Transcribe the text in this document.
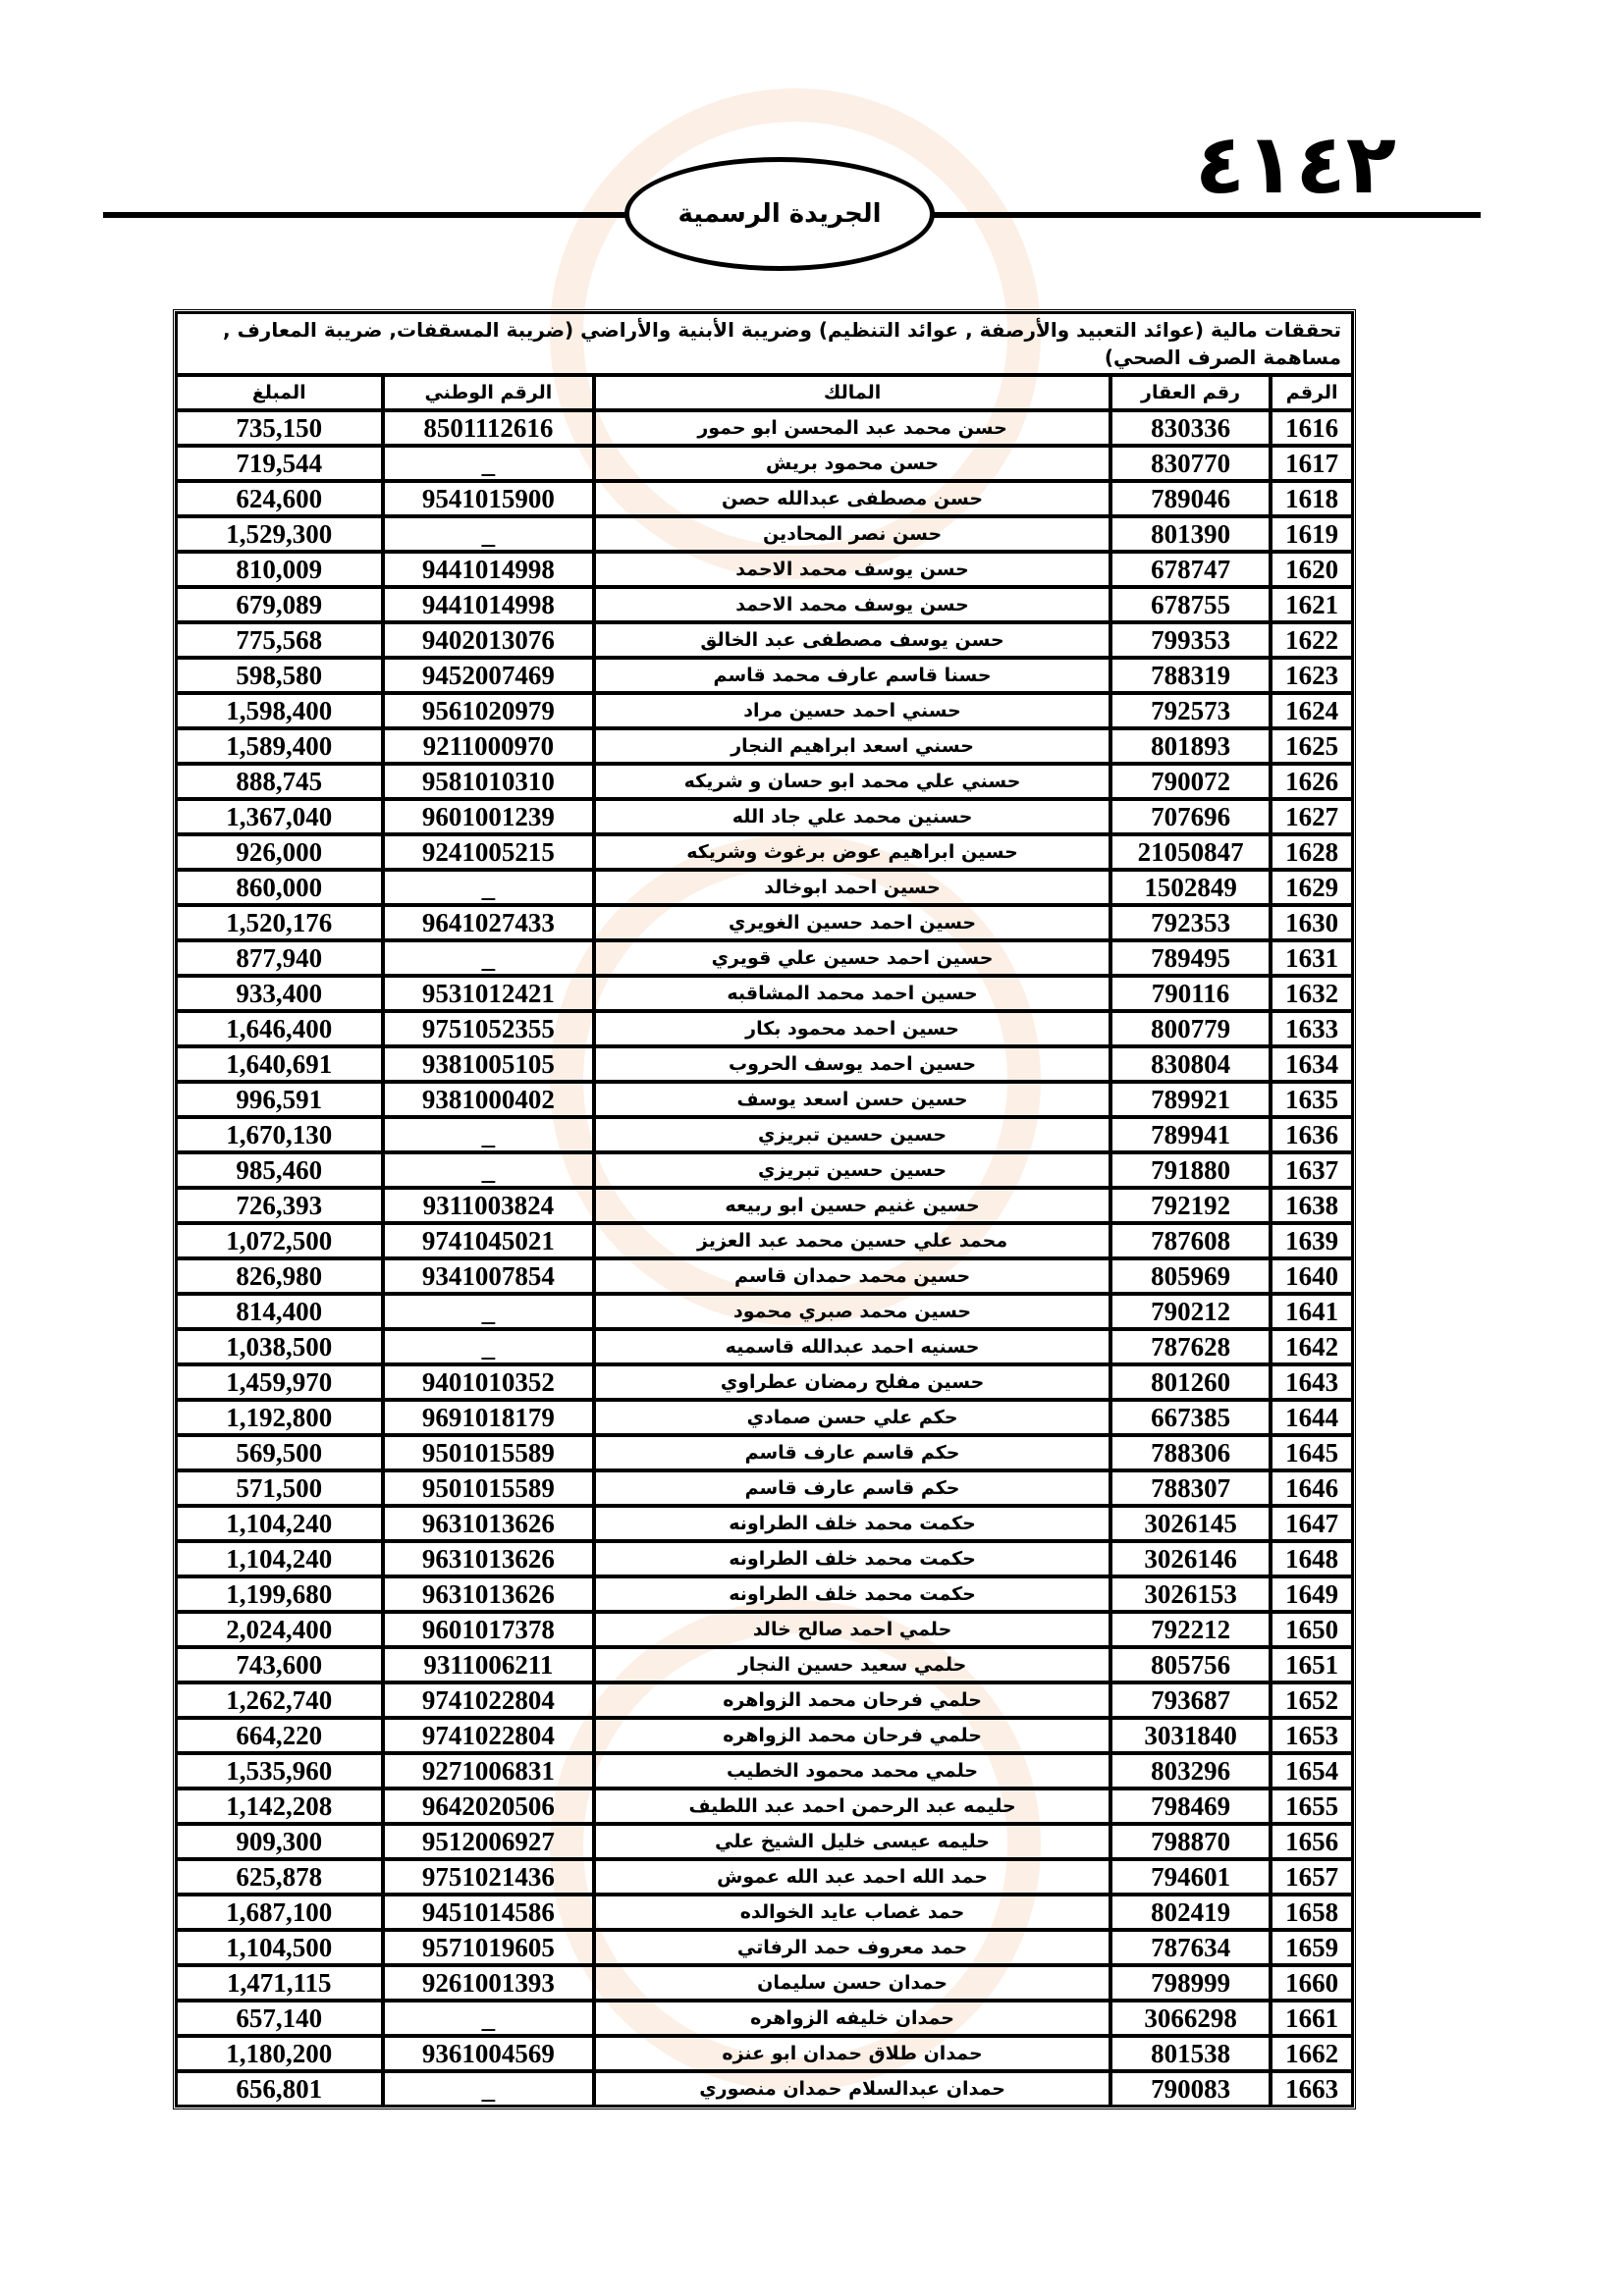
٤١٤٢
الجريدة الرسمية
تحققات مالية (عوائد التعبيد والأرصفة , عوائد التنظيم) وضريبة الأبنية والأراضي (ضريبة المسقفات, ضريبة المعارف , مساهمة الصرف الصحي)				
الرقم	رقم العقار	المالك	الرقم الوطني	المبلغ
1616	830336	حسن محمد عبد المحسن ابو حمور	8501112616	735,150
1617	830770	حسن محمود بريش	_	719,544
1618	789046	حسن مصطفى عبدالله حصن	9541015900	624,600
1619	801390	حسن نصر المحادين	_	1,529,300
1620	678747	حسن يوسف محمد الاحمد	9441014998	810,009
1621	678755	حسن يوسف محمد الاحمد	9441014998	679,089
1622	799353	حسن يوسف مصطفى عبد الخالق	9402013076	775,568
1623	788319	حسنا قاسم عارف محمد قاسم	9452007469	598,580
1624	792573	حسني احمد حسين مراد	9561020979	1,598,400
1625	801893	حسني اسعد ابراهيم النجار	9211000970	1,589,400
1626	790072	حسني علي محمد ابو حسان و شريكه	9581010310	888,745
1627	707696	حسنين محمد علي جاد الله	9601001239	1,367,040
1628	21050847	حسين ابراهيم عوض برغوث وشريكه	9241005215	926,000
1629	1502849	حسين احمد ابوخالد	_	860,000
1630	792353	حسين احمد حسين الغويري	9641027433	1,520,176
1631	789495	حسين احمد حسين علي قويري	_	877,940
1632	790116	حسين احمد محمد المشاقبه	9531012421	933,400
1633	800779	حسين احمد محمود بكار	9751052355	1,646,400
1634	830804	حسين احمد يوسف الحروب	9381005105	1,640,691
1635	789921	حسين حسن اسعد يوسف	9381000402	996,591
1636	789941	حسين حسين تبريزي	_	1,670,130
1637	791880	حسين حسين تبريزي	_	985,460
1638	792192	حسين غنيم حسين ابو ربيعه	9311003824	726,393
1639	787608	محمد علي حسين محمد عبد العزيز	9741045021	1,072,500
1640	805969	حسين محمد حمدان قاسم	9341007854	826,980
1641	790212	حسين محمد صبري محمود	_	814,400
1642	787628	حسنيه احمد عبدالله قاسميه	_	1,038,500
1643	801260	حسين مفلح رمضان عطراوي	9401010352	1,459,970
1644	667385	حكم علي حسن صمادي	9691018179	1,192,800
1645	788306	حكم قاسم عارف قاسم	9501015589	569,500
1646	788307	حكم قاسم عارف قاسم	9501015589	571,500
1647	3026145	حكمت محمد خلف الطراونه	9631013626	1,104,240
1648	3026146	حكمت محمد خلف الطراونه	9631013626	1,104,240
1649	3026153	حكمت محمد خلف الطراونه	9631013626	1,199,680
1650	792212	حلمي احمد صالح خالد	9601017378	2,024,400
1651	805756	حلمي سعيد حسين النجار	9311006211	743,600
1652	793687	حلمي فرحان محمد الزواهره	9741022804	1,262,740
1653	3031840	حلمي فرحان محمد الزواهره	9741022804	664,220
1654	803296	حلمي محمد محمود الخطيب	9271006831	1,535,960
1655	798469	حليمه عبد الرحمن احمد عبد اللطيف	9642020506	1,142,208
1656	798870	حليمه عيسى خليل الشيخ علي	9512006927	909,300
1657	794601	حمد الله احمد عبد الله عموش	9751021436	625,878
1658	802419	حمد غصاب عايد الخوالده	9451014586	1,687,100
1659	787634	حمد معروف حمد الرفاتي	9571019605	1,104,500
1660	798999	حمدان حسن سليمان	9261001393	1,471,115
1661	3066298	حمدان خليفه الزواهره	_	657,140
1662	801538	حمدان طلاق حمدان ابو عنزه	9361004569	1,180,200
1663	790083	حمدان عبدالسلام حمدان منصوري	_	656,801
